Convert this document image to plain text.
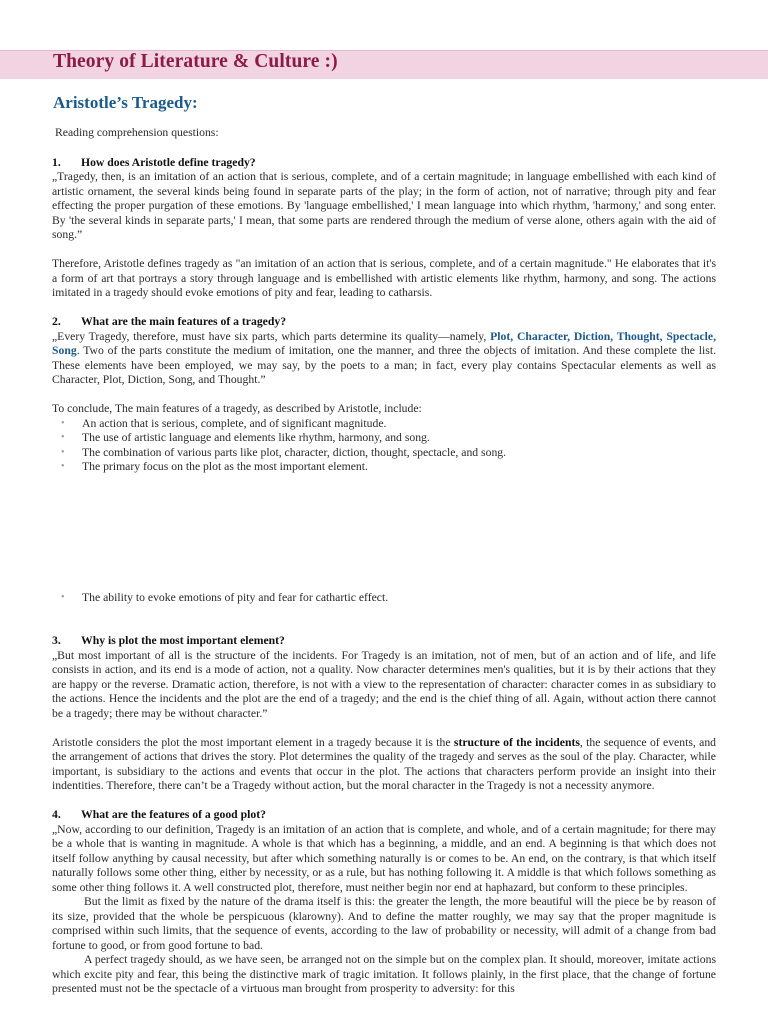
Theory of Literature & Culture :)
Aristotle’s Tragedy:

Reading comprehension questions:

1. How does Aristotle define tragedy?

„Tragedy, then, is an imitation of an action that is serious, complete, and of a certain magnitude; in language embellished with each kind of artistic ornament, the several kinds being found in separate parts of the play; in the form of action, not of narrative; through pity and fear effecting the proper purgation of these emotions. By 'language embellished,' I mean language into which rhythm, 'harmony,' and song enter. By 'the several kinds in separate parts,' I mean, that some parts are rendered through the medium of verse alone, others again with the aid of song.”

Therefore, Aristotle defines tragedy as "an imitation of an action that is serious, complete, and of a certain magnitude." He elaborates that it's a form of art that portrays a story through language and is embellished with artistic elements like rhythm, harmony, and song. The actions imitated in a tragedy should evoke emotions of pity and fear, leading to catharsis.

2. What are the main features of a tragedy?

„Every Tragedy, therefore, must have six parts, which parts determine its quality—namely, Plot, Character, Diction, Thought, Spectacle, Song. Two of the parts constitute the medium of imitation, one the manner, and three the objects of imitation. And these complete the list. These elements have been employed, we may say, by the poets to a man; in fact, every play contains Spectacular elements as well as Character, Plot, Diction, Song, and Thought.”

To conclude, The main features of a tragedy, as described by Aristotle, include:

• An action that is serious, complete, and of significant magnitude.
• The use of artistic language and elements like rhythm, harmony, and song.
• The combination of various parts like plot, character, diction, thought, spectacle, and song.
• The primary focus on the plot as the most important element.
• The ability to evoke emotions of pity and fear for cathartic effect.

3. Why is plot the most important element?

„But most important of all is the structure of the incidents. For Tragedy is an imitation, not of men, but of an action and of life, and life consists in action, and its end is a mode of action, not a quality. Now character determines men's qualities, but it is by their actions that they are happy or the reverse. Dramatic action, therefore, is not with a view to the representation of character: character comes in as subsidiary to the actions. Hence the incidents and the plot are the end of a tragedy; and the end is the chief thing of all. Again, without action there cannot be a tragedy; there may be without character.”

Aristotle considers the plot the most important element in a tragedy because it is the structure of the incidents, the sequence of events, and the arrangement of actions that drives the story. Plot determines the quality of the tragedy and serves as the soul of the play. Character, while important, is subsidiary to the actions and events that occur in the plot. The actions that characters perform provide an insight into their indentities. Therefore, there can’t be a Tragedy without action, but the moral character in the Tragedy is not a necessity anymore.

4. What are the features of a good plot?

„Now, according to our definition, Tragedy is an imitation of an action that is complete, and whole, and of a certain magnitude; for there may be a whole that is wanting in magnitude. A whole is that which has a beginning, a middle, and an end. A beginning is that which does not itself follow anything by causal necessity, but after which something naturally is or comes to be. An end, on the contrary, is that which itself naturally follows some other thing, either by necessity, or as a rule, but has nothing following it. A middle is that which follows something as some other thing follows it. A well constructed plot, therefore, must neither begin nor end at haphazard, but conform to these principles.

But the limit as fixed by the nature of the drama itself is this: the greater the length, the more beautiful will the piece be by reason of its size, provided that the whole be perspicuous (klarowny). And to define the matter roughly, we may say that the proper magnitude is comprised within such limits, that the sequence of events, according to the law of probability or necessity, will admit of a change from bad fortune to good, or from good fortune to bad.

A perfect tragedy should, as we have seen, be arranged not on the simple but on the complex plan. It should, moreover, imitate actions which excite pity and fear, this being the distinctive mark of tragic imitation. It follows plainly, in the first place, that the change of fortune presented must not be the spectacle of a virtuous man brought from prosperity to adversity: for this
